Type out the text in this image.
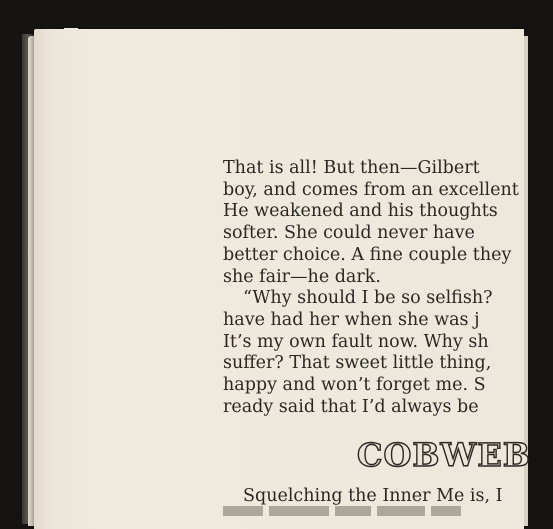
That is all! But then—Gilbert
boy, and comes from an excellent
He weakened and his thoughts
softer. She could never have
better choice. A fine couple they
she fair—he dark.
“Why should I be so selfish?
have had her when she was j
It’s my own fault now. Why sh
suffer? That sweet little thing,
happy and won’t forget me. S
ready said that I’d always be
COBWEB
Squelching the Inner Me is, I
